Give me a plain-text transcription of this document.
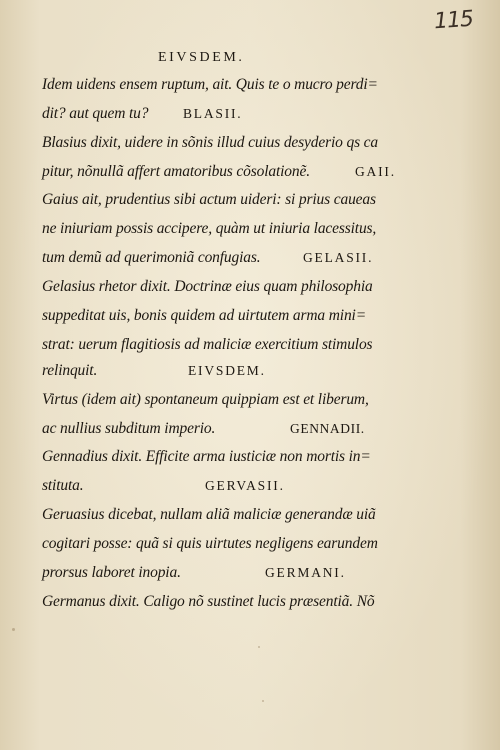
115
EIVSDEM.
Idem uidens ensem ruptum, ait. Quis te o mucro perdi=
dit? aut quem tu?	BLASII.
Blasius dixit, uidere in sõnis illud cuius desyderio qs ca
pitur, nõnullã affert amatoribus cõsolationẽ.	GAII.
Gaius ait, prudentius sibi actum uideri: si prius caueas
ne iniuriam possis accipere, quàm ut iniuria lacessitus,
tum demũ ad querimoniã confugias.	GELASII.
Gelasius rhetor dixit. Doctrinæ eius quam philosophia
suppeditat uis, bonis quidem ad uirtutem arma mini=
strat: uerum flagitiosis ad maliciæ exercitium stimulos
relinquit.	EIVSDEM.
Virtus (idem ait) spontaneum quippiam est et liberum,
ac nullius subditum imperio.	GENNADII.
Gennadius dixit. Efficite arma iusticiæ non mortis in=
stituta.	GERVASII.
Geruasius dicebat, nullam aliã maliciæ generandæ uiã
cogitari posse: quã si quis uirtutes negligens earundem
prorsus laboret inopia.	GERMANI.
Germanus dixit. Caligo nõ sustinet lucis præsentiã. Nõ
